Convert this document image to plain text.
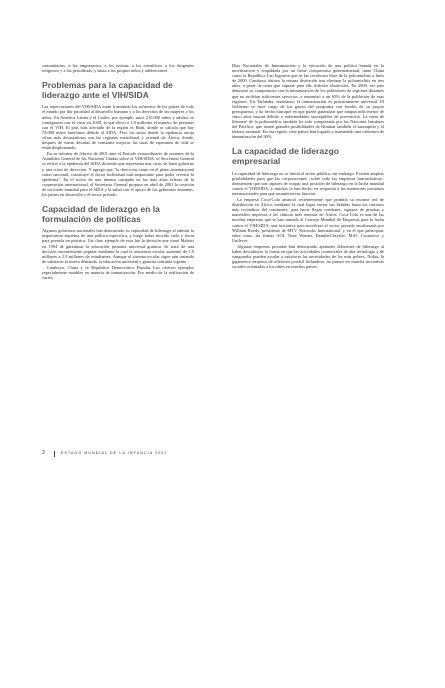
comunitarios, a los empresarios, a los artistas, a los científicos, a los dirigentes religiosos y a los periodistas; y hasta a los propios niños y adolescentes.

Problemas para la capacidad de liderazgo ante el VIH/SIDA

Las repercusiones del VIH/SIDA están frustrando los esfuerzos de los países de todo el mundo por dar prioridad al desarrollo humano y a los derechos de las mujeres y los niños. En América Latina y el Caribe, por ejemplo, unos 210.000 niños y adultos se contagiaron con el virus en 2000, lo que elevó a 1,8 millones el número de personas con el VIH. El país más afectado de la región es Haití, donde se calcula que hay 74.000 niños huérfanos debido al SIDA. Pero los sitios donde la epidemia arroja cifras más devastadoras son las regiones meridional y oriental de África, donde, después de varias décadas de constante mejoría, las tasas de esperanza de vida se están desplomando.

En su informe de febrero de 2001 ante el Período extraordinario de sesiones de la Asamblea General de las Naciones Unidas sobre el VIH/SIDA, el Secretario General se refirió a la epidemia del SIDA diciendo que representa una crisis de buen gobierno y una crisis de dirección. Y agregó que "la dirección, tanto en el plano internacional como nacional, constituye el factor individual más importante para poder revertir la epidemia". En el inicio de una intensa campaña en las más altas esferas de la cooperación internacional, el Secretario General propuso en abril de 2001 la creación de un fondo mundial para el SIDA y la salud con el apoyo de los gobiernos donantes, los países en desarrollo y el sector privado.

Capacidad de liderazgo en la formulación de políticas

Algunos gobiernos nacionales han demostrado su capacidad de liderazgo al admitir la importancia suprema de una política específica, y luego haber movido cielo y tierra para ponerla en práctica. Un claro ejemplo de esto fue la decisión que tomó Malawi en 1994 de garantizar la educación primaria universal gratuita. Se trató de una decisión enormemente popular mediante la cual la asistencia escolar aumentó de 1,9 millones a 2,9 millones de estudiantes. Aunque el sistema escolar sigue aún tratando de satisfacer la nueva demanda, la educación universal y gratuita continúa vigente.

Camboya, China y la República Democrática Popular Lao ofrecen ejemplos especialmente notables en materia de inmunización. Por medio de la realización de varios

Días Nacionales de Inmunización y la ejecución de una política basada en la movilización y respaldada por un firme compromiso gubernamental, tanto China como la República Lao lograron que se las certificara libre de la poliomielitis a fines de 2000. Camboya obtuvo la misma distinción tras eliminar la poliomielitis en tres años, a pesar de tener que superar para ello difíciles obstáculos. En 2000, ese país demostró su compromiso con la inmunización de los pobladores de regiones distantes que no recibían suficientes servicios, e inmunizó a un 65% de la población de esas regiones. En Tailandia, entretanto, la inmunización es prácticamente universal. El Gobierno se hace cargo de los gastos del programa con fondos de su propio presupuesto, y ha hecho hincapié en que puede garantizar que ningún niño menor de cinco años morirá debido a enfermedades susceptibles de prevención. La meta de liberarse de la poliomielitis también ha sido conquistada por las Naciones Insulares del Pacífico, que tienen grandes posibilidades de eliminar también el sarampión y el tétanos neonatal. En esa región, siete países han logrado y mantenido una cobertura de inmunización del 90%.

La capacidad de liderazgo empresarial

La capacidad de liderazgo no se limita al sector público, sin embargo. Existen amplias posibilidades para que las corporaciones –sobre todo las empresas farmacéuticas– demuestren que son capaces de ocupar una posición de liderazgo en la lucha mundial contra el VIH/SIDA, y muchas lo han hecho en respuesta a las numerosas presiones internacionales para que asumieran esa función.

La empresa Coca-Cola anunció recientemente que pondría su enorme red de distribución en África, mediante la cual logra enviar sus bebidas hasta los rincones más recónditos del continente, para hacer llegar condones, equipos de pruebas y materiales impresos a las clínicas más remotas de África. Coca-Cola es una de las muchas empresas que se han sumado al Consejo Mundial de Empresas para la lucha contra el VIH/SIDA, una iniciativa para movilizar al sector privado encabezada por William Roedy, presidente de MTV Networks International, y en el que participan, entre otras, las firmas AOL Time Warner, DaimlerChrysler, MAC Cosmetics y Unilever.

Algunas empresas privadas han demostrado aptitudes diferentes de liderazgo al haber descubierto la forma en que las actividades comerciales de alta tecnología y de vanguardia pueden ayudar a satisfacer las necesidades de los más pobres. Nokia, la gigantesca empresa de telefonía portátil finlandesa, ha puesto en marcha iniciativas sociales orientadas a los niños en muchos países.

2	ESTADO MUNDIAL DE LA INFANCIA 2002
